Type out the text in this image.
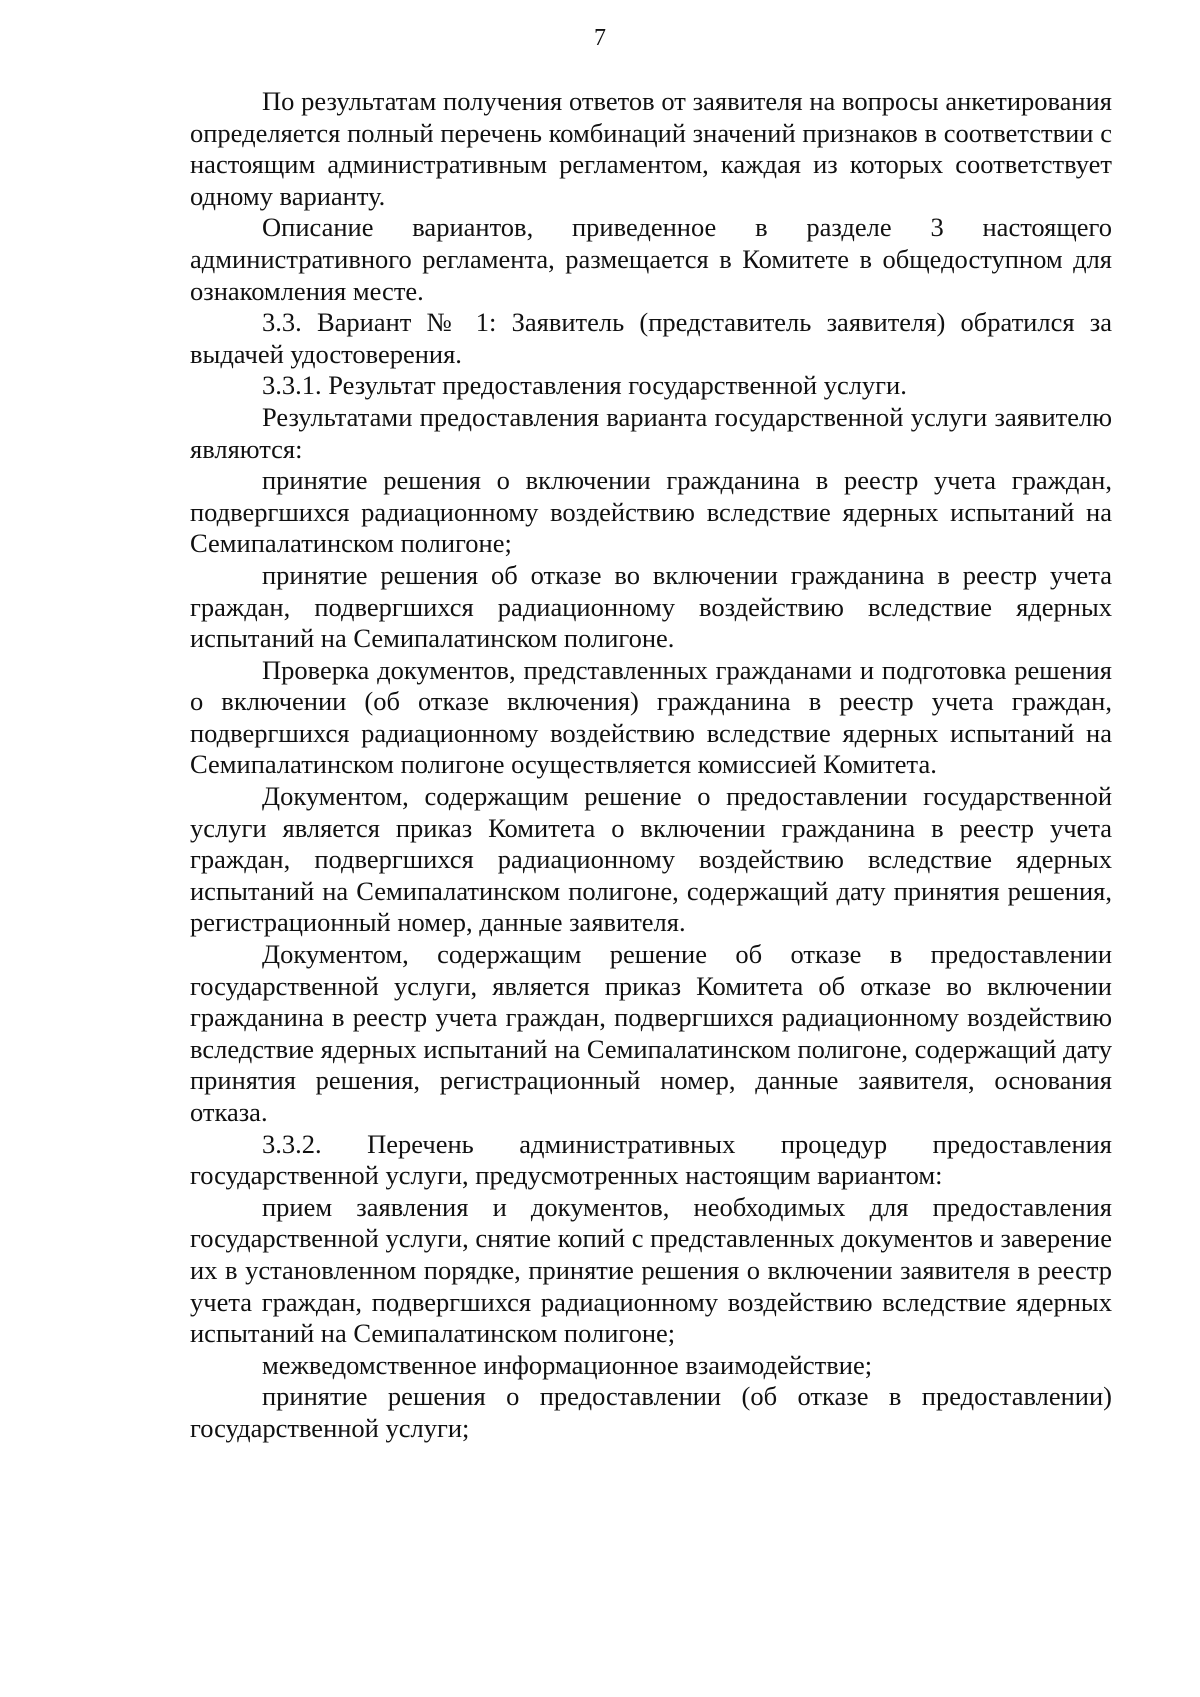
7

По результатам получения ответов от заявителя на вопросы анкетирования определяется полный перечень комбинаций значений признаков в соответствии с настоящим административным регламентом, каждая из которых соответствует одному варианту.

Описание вариантов, приведенное в разделе 3 настоящего административного регламента, размещается в Комитете в общедоступном для ознакомления месте.

3.3. Вариант № 1: Заявитель (представитель заявителя) обратился за выдачей удостоверения.

3.3.1. Результат предоставления государственной услуги.

Результатами предоставления варианта государственной услуги заявителю являются:

принятие решения о включении гражданина в реестр учета граждан, подвергшихся радиационному воздействию вследствие ядерных испытаний на Семипалатинском полигоне;

принятие решения об отказе во включении гражданина в реестр учета граждан, подвергшихся радиационному воздействию вследствие ядерных испытаний на Семипалатинском полигоне.

Проверка документов, представленных гражданами и подготовка решения о включении (об отказе включения) гражданина в реестр учета граждан, подвергшихся радиационному воздействию вследствие ядерных испытаний на Семипалатинском полигоне осуществляется комиссией Комитета.

Документом, содержащим решение о предоставлении государственной услуги является приказ Комитета о включении гражданина в реестр учета граждан, подвергшихся радиационному воздействию вследствие ядерных испытаний на Семипалатинском полигоне, содержащий дату принятия решения, регистрационный номер, данные заявителя.

Документом, содержащим решение об отказе в предоставлении государственной услуги, является приказ Комитета об отказе во включении гражданина в реестр учета граждан, подвергшихся радиационному воздействию вследствие ядерных испытаний на Семипалатинском полигоне, содержащий дату принятия решения, регистрационный номер, данные заявителя, основания отказа.

3.3.2. Перечень административных процедур предоставления государственной услуги, предусмотренных настоящим вариантом:

прием заявления и документов, необходимых для предоставления государственной услуги, снятие копий с представленных документов и заверение их в установленном порядке, принятие решения о включении заявителя в реестр учета граждан, подвергшихся радиационному воздействию вследствие ядерных испытаний на Семипалатинском полигоне;

межведомственное информационное взаимодействие;

принятие решения о предоставлении (об отказе в предоставлении) государственной услуги;
